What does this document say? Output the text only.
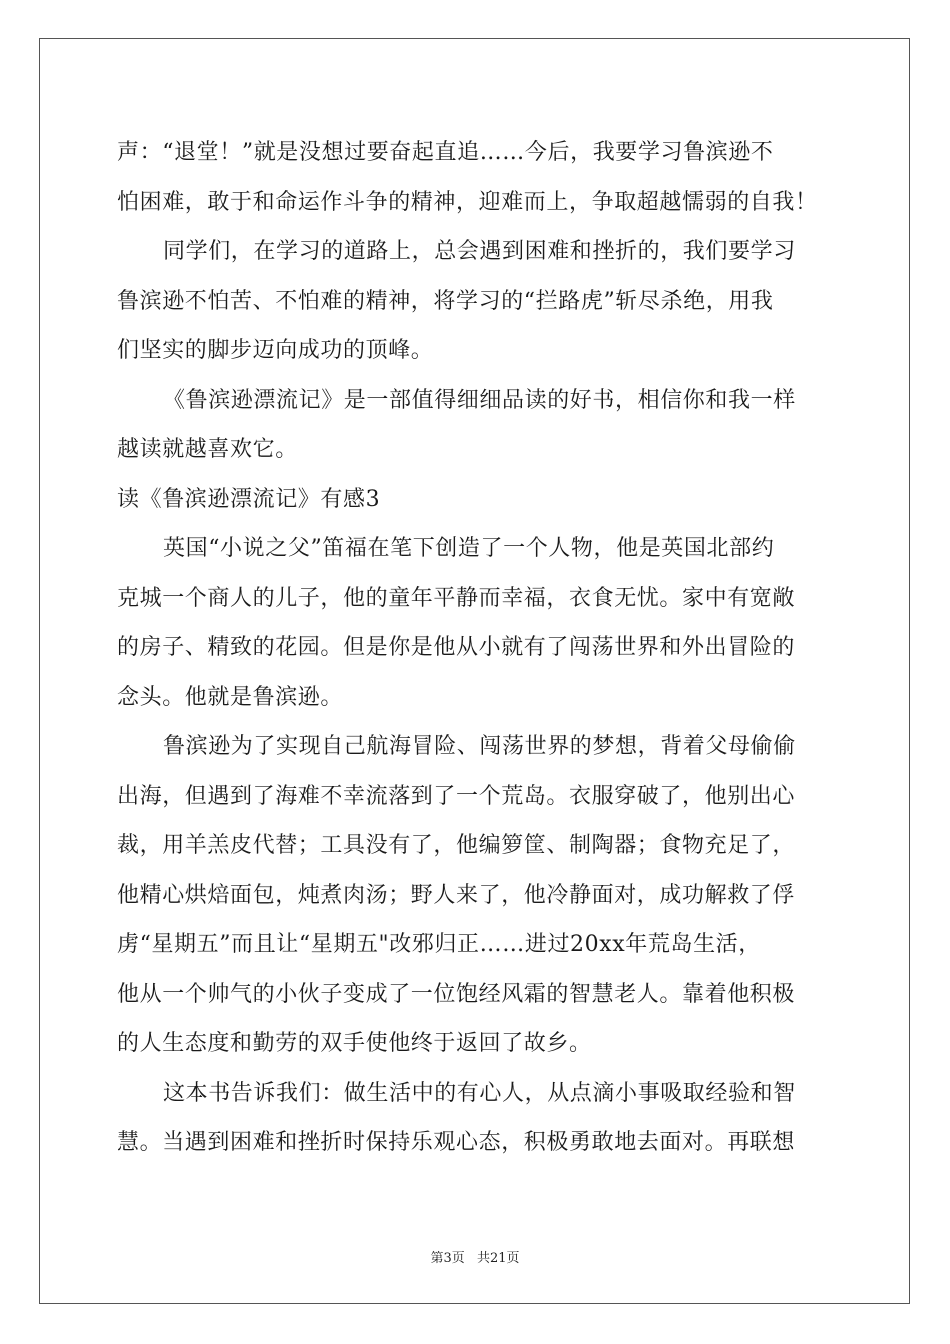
声：“退堂！”就是没想过要奋起直追……今后，我要学习鲁滨逊不
怕困难，敢于和命运作斗争的精神，迎难而上，争取超越懦弱的自我！
同学们，在学习的道路上，总会遇到困难和挫折的，我们要学习
鲁滨逊不怕苦、不怕难的精神，将学习的“拦路虎”斩尽杀绝，用我
们坚实的脚步迈向成功的顶峰。
《鲁滨逊漂流记》是一部值得细细品读的好书，相信你和我一样
越读就越喜欢它。
读《鲁滨逊漂流记》有感3
英国“小说之父”笛福在笔下创造了一个人物，他是英国北部约
克城一个商人的儿子，他的童年平静而幸福，衣食无忧。家中有宽敞
的房子、精致的花园。但是你是他从小就有了闯荡世界和外出冒险的
念头。他就是鲁滨逊。
鲁滨逊为了实现自己航海冒险、闯荡世界的梦想，背着父母偷偷
出海，但遇到了海难不幸流落到了一个荒岛。衣服穿破了，他别出心
裁，用羊羔皮代替；工具没有了，他编箩筐、制陶器；食物充足了，
他精心烘焙面包，炖煮肉汤；野人来了，他冷静面对，成功解救了俘
虏“星期五”而且让“星期五"改邪归正……进过20xx年荒岛生活，
他从一个帅气的小伙子变成了一位饱经风霜的智慧老人。靠着他积极
的人生态度和勤劳的双手使他终于返回了故乡。
这本书告诉我们：做生活中的有心人，从点滴小事吸取经验和智
慧。当遇到困难和挫折时保持乐观心态，积极勇敢地去面对。再联想
第3页 共21页
